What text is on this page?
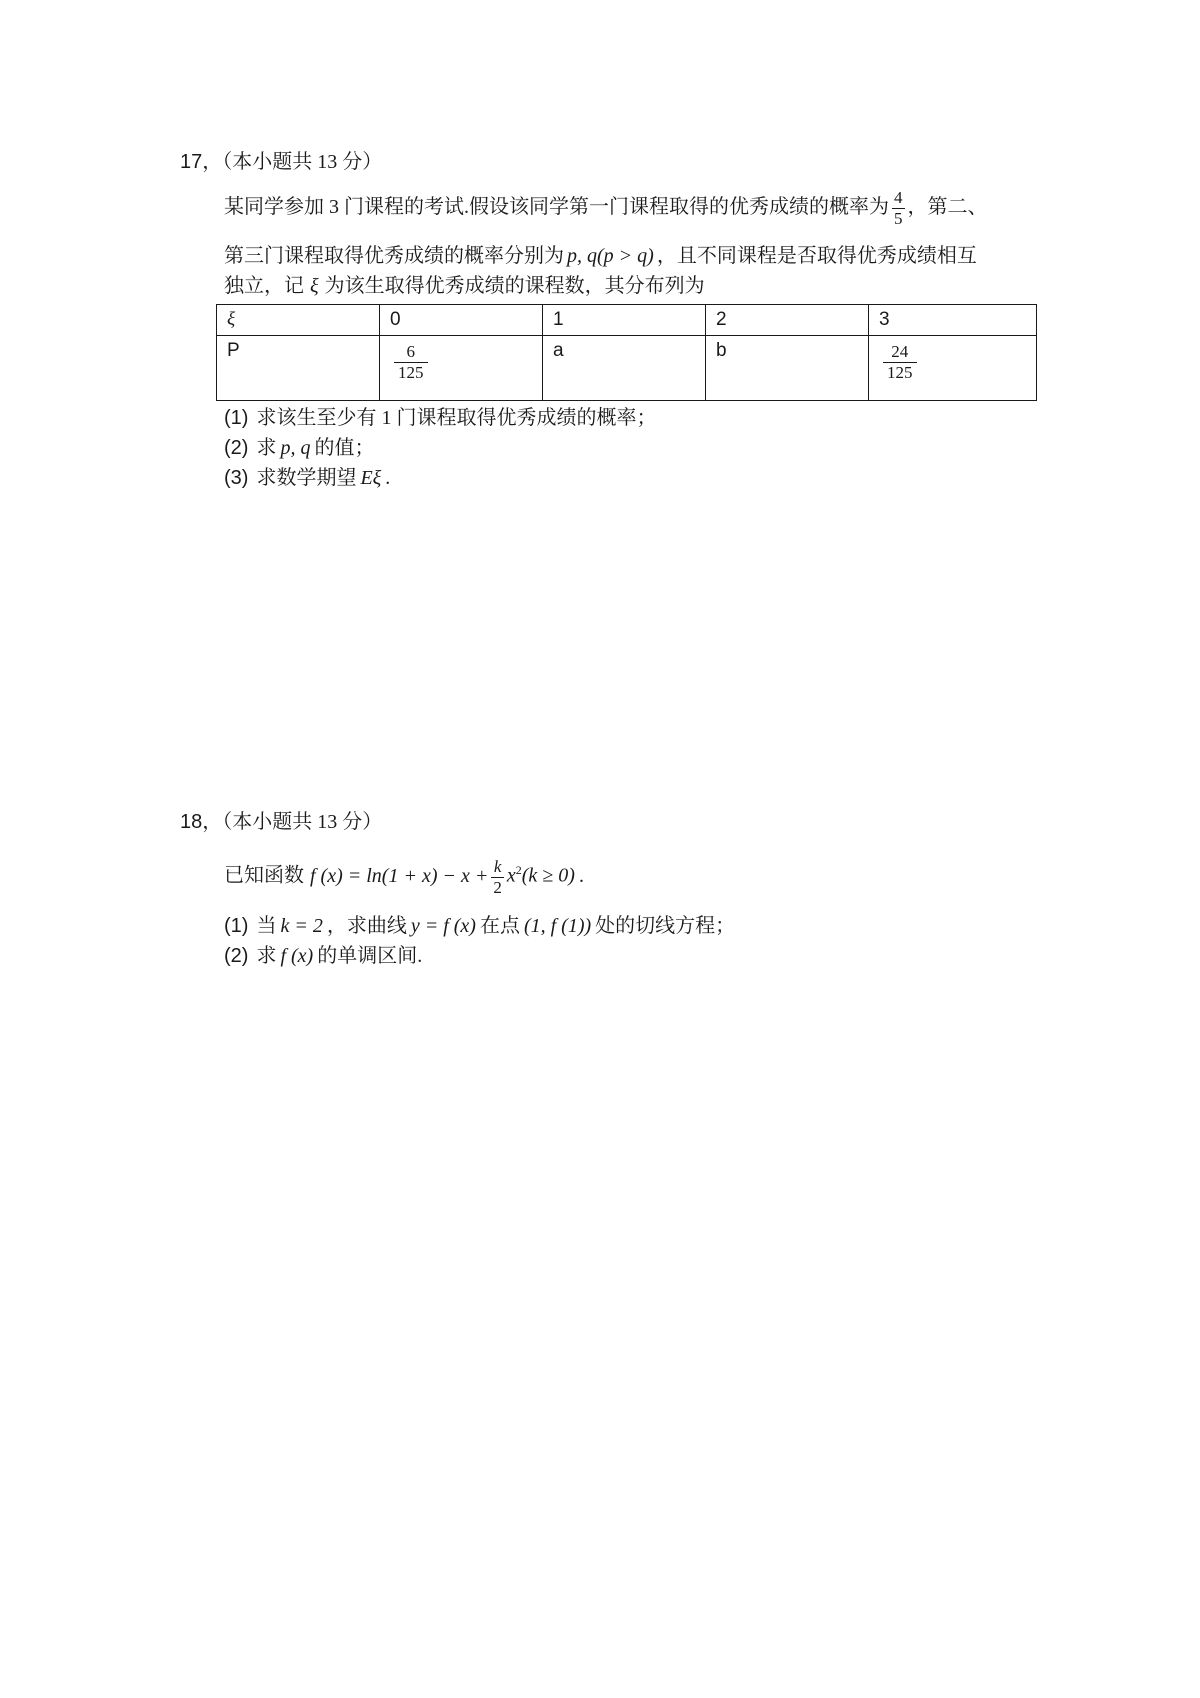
17，（本小题共 13 分）
某同学参加 3 门课程的考试.假设该同学第一门课程取得的优秀成绩的概率为 $\frac{4}{5}$ ，第二、
第三门课程取得优秀成绩的概率分别为 p, q(p > q) ，且不同课程是否取得优秀成绩相互
独立，记 ξ 为该生取得优秀成绩的课程数，其分布列为
ξ	0	1	2	3
P	$\frac{6}{125}$	a	b	$\frac{24}{125}$
(1) 求该生至少有 1 门课程取得优秀成绩的概率；
(2) 求 p, q 的值；
(3) 求数学期望 Eξ .
18，（本小题共 13 分）
已知函数 f $(x) = \ln(1 + x) - x + \frac{k}{2} x^2(k \ge 0)$ .
(1) 当 k = 2 ，求曲线 y = f (x) 在点 (1, f (1)) 处的切线方程；
(2) 求 f (x) 的单调区间.
